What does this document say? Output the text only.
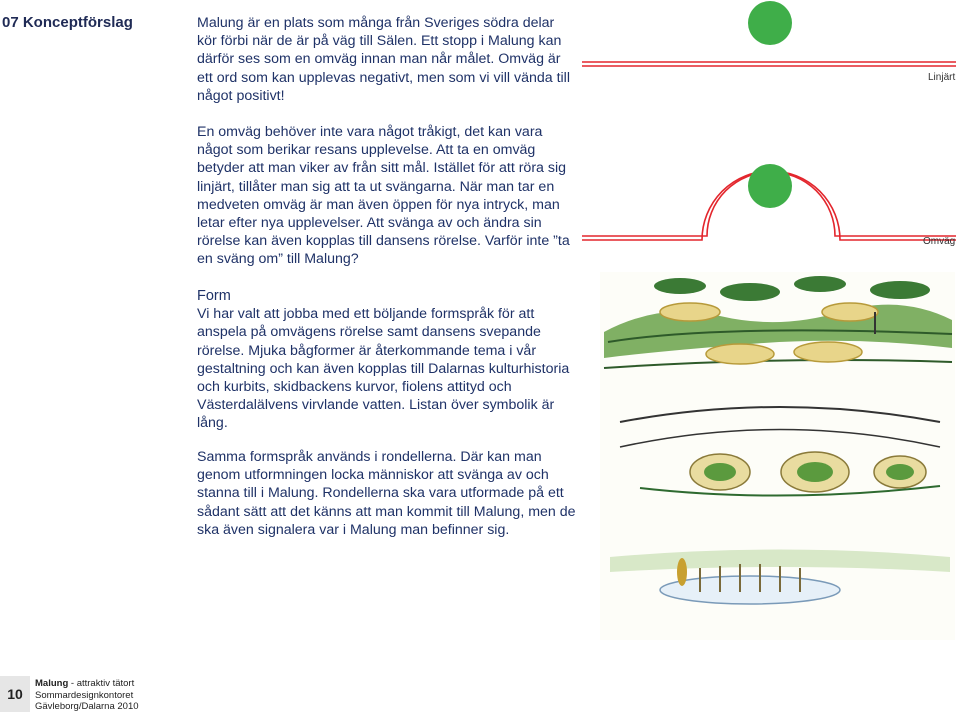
07 Konceptförslag	Malung är en plats som många från Sveriges södra delar kör förbi när de är på väg till Sälen. Ett stopp i Malung kan därför ses som en omväg innan man når målet. Omväg är ett ord som kan upplevas negativt, men som vi vill vända till något positivt!

En omväg behöver inte vara något tråkigt, det kan vara något som berikar resans upplevelse. Att ta en omväg betyder att man viker av från sitt mål. Istället för att röra sig linjärt, tillåter man sig att ta ut svängarna. När man tar en medveten omväg är man även öppen för nya intryck, man letar efter nya upplevelser. Att svänga av och ändra sin rörelse kan även kopplas till dansens rörelse. Varför inte ”ta en sväng om” till Malung?

Form

Vi har valt att jobba med ett böljande formspråk för att anspela på omvägens rörelse samt dansens svepande rörelse. Mjuka bågformer är återkommande tema i vår gestaltning och kan även kopplas till Dalarnas kulturhistoria och kurbits, skidbackens kurvor, fiolens attityd och Västerdalälvens virvlande vatten. Listan över symbolik är lång.

Samma formspråk används i rondellerna. Där kan man genom utformningen locka människor att svänga av och stanna till i Malung. Rondellerna ska vara utformade på ett sådant sätt att det känns att man kommit till Malung, men de ska även signalera var i Malung man befinner sig.

Linjärt
Omväg
10
Malung - attraktiv tätort
Sommardesignkontoret
Gävleborg/Dalarna 2010
